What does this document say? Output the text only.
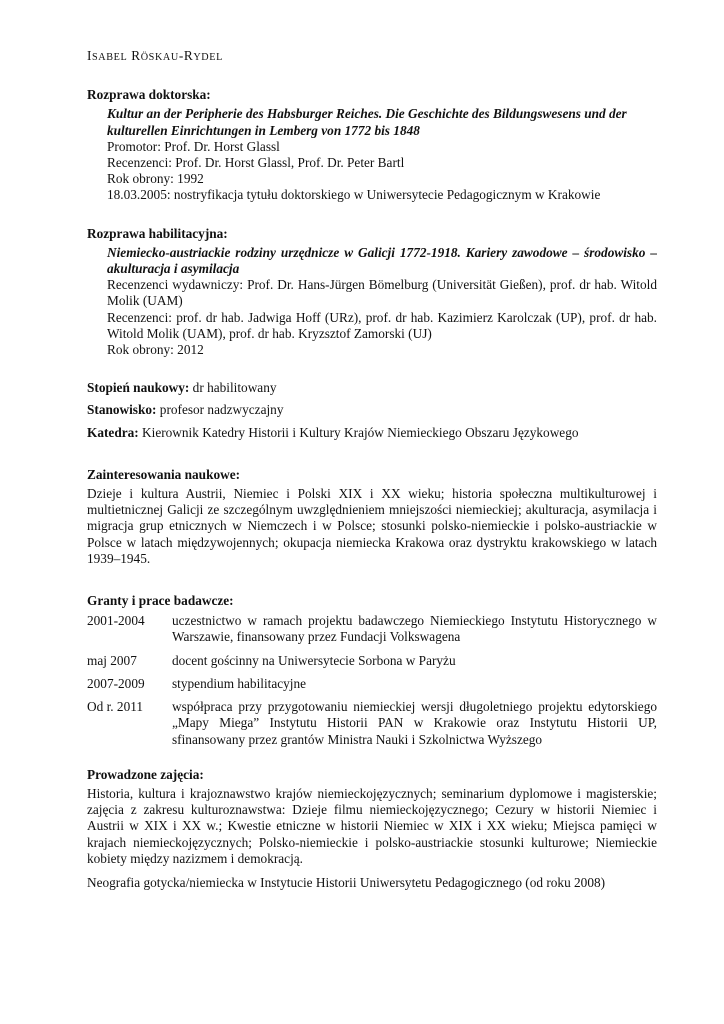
ISABEL RÖSKAU-RYDEL
Rozprawa doktorska:

Kultur an der Peripherie des Habsburger Reiches. Die Geschichte des Bildungswesens und der kulturellen Einrichtungen in Lemberg von 1772 bis 1848

Promotor: Prof. Dr. Horst Glassl

Recenzenci: Prof. Dr. Horst Glassl, Prof. Dr. Peter Bartl

Rok obrony: 1992

18.03.2005: nostryfikacja tytułu doktorskiego w Uniwersytecie Pedagogicznym w Krakowie

Rozprawa habilitacyjna:

Niemiecko-austriackie rodziny urzędnicze w Galicji 1772-1918. Kariery zawodowe – środowisko – akulturacja i asymilacja

Recenzenci wydawniczy: Prof. Dr. Hans-Jürgen Bömelburg (Universität Gießen), prof. dr hab. Witold Molik (UAM)

Recenzenci: prof. dr hab. Jadwiga Hoff (URz), prof. dr hab. Kazimierz Karolczak (UP), prof. dr hab. Witold Molik (UAM), prof. dr hab. Kryzsztof Zamorski (UJ)

Rok obrony: 2012

Stopień naukowy: dr habilitowany

Stanowisko: profesor nadzwyczajny

Katedra: Kierownik Katedry Historii i Kultury Krajów Niemieckiego Obszaru Językowego

Zainteresowania naukowe:

Dzieje i kultura Austrii, Niemiec i Polski XIX i XX wieku; historia społeczna multikulturowej i multietnicznej Galicji ze szczególnym uwzględnieniem mniejszości niemieckiej; akulturacja, asymilacja i migracja grup etnicznych w Niemczech i w Polsce; stosunki polsko-niemieckie i polsko-austriackie w Polsce w latach międzywojennych; okupacja niemiecka Krakowa oraz dystryktu krakowskiego w latach 1939–1945.

Granty i prace badawcze:
2001-2004	uczestnictwo w ramach projektu badawczego Niemieckiego Instytutu Historycznego w Warszawie, finansowany przez Fundacji Volkswagena
maj 2007	docent gościnny na Uniwersytecie Sorbona w Paryżu
2007-2009	stypendium habilitacyjne
Od r. 2011	współpraca przy przygotowaniu niemieckiej wersji długoletniego projektu edytorskiego „Mapy Miega” Instytutu Historii PAN w Krakowie oraz Instytutu Historii UP, sfinansowany przez grantów Ministra Nauki i Szkolnictwa Wyższego
Prowadzone zajęcia:

Historia, kultura i krajoznawstwo krajów niemieckojęzycznych; seminarium dyplomowe i magisterskie; zajęcia z zakresu kulturoznawstwa: Dzieje filmu niemieckojęzycznego; Cezury w historii Niemiec i Austrii w XIX i XX w.; Kwestie etniczne w historii Niemiec w XIX i XX wieku; Miejsca pamięci w krajach niemieckojęzycznych; Polsko-niemieckie i polsko-austriackie stosunki kulturowe; Niemieckie kobiety między nazizmem i demokracją.

Neografia gotycka/niemiecka w Instytucie Historii Uniwersytetu Pedagogicznego (od roku 2008)
